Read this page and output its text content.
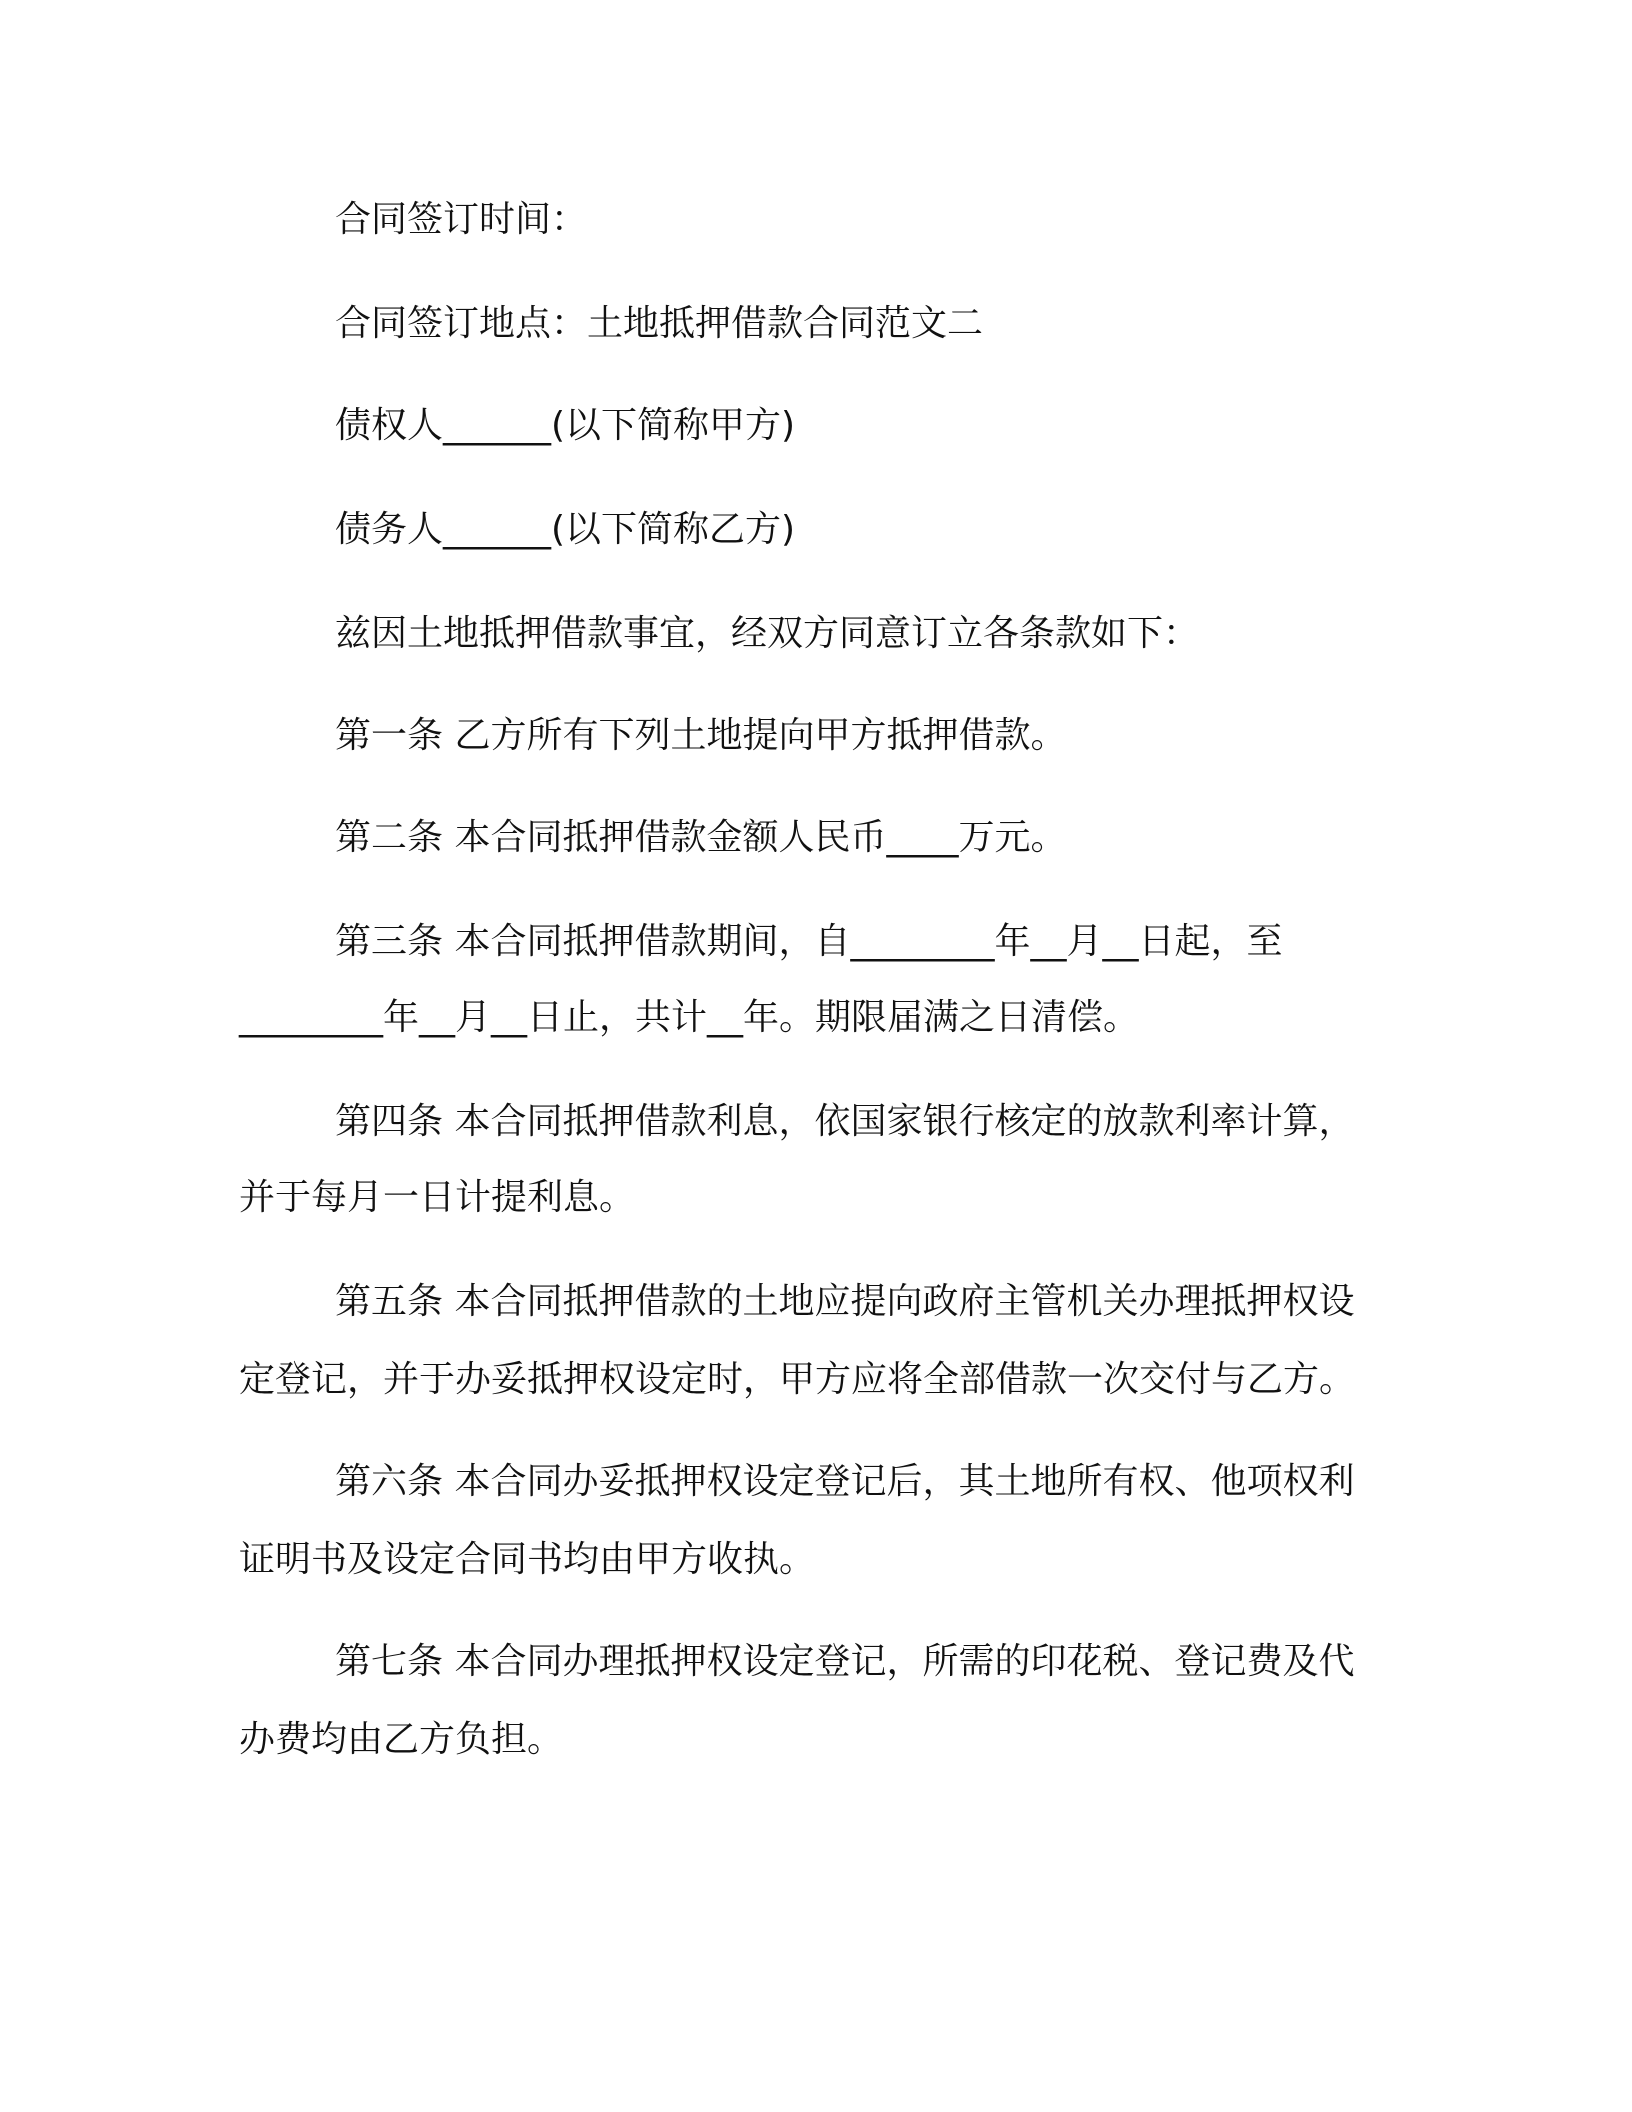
合同签订时间：
合同签订地点：土地抵押借款合同范文二
债权人______(以下简称甲方)
债务人______(以下简称乙方)
兹因土地抵押借款事宜，经双方同意订立各条款如下：
第一条 乙方所有下列土地提向甲方抵押借款。
第二条 本合同抵押借款金额人民币____万元。
第三条 本合同抵押借款期间，自________年__月__日起，至
________年__月__日止，共计__年。期限届满之日清偿。
第四条 本合同抵押借款利息，依国家银行核定的放款利率计算，
并于每月一日计提利息。
第五条 本合同抵押借款的土地应提向政府主管机关办理抵押权设
定登记，并于办妥抵押权设定时，甲方应将全部借款一次交付与乙方。
第六条 本合同办妥抵押权设定登记后，其土地所有权、他项权利
证明书及设定合同书均由甲方收执。
第七条 本合同办理抵押权设定登记，所需的印花税、登记费及代
办费均由乙方负担。
